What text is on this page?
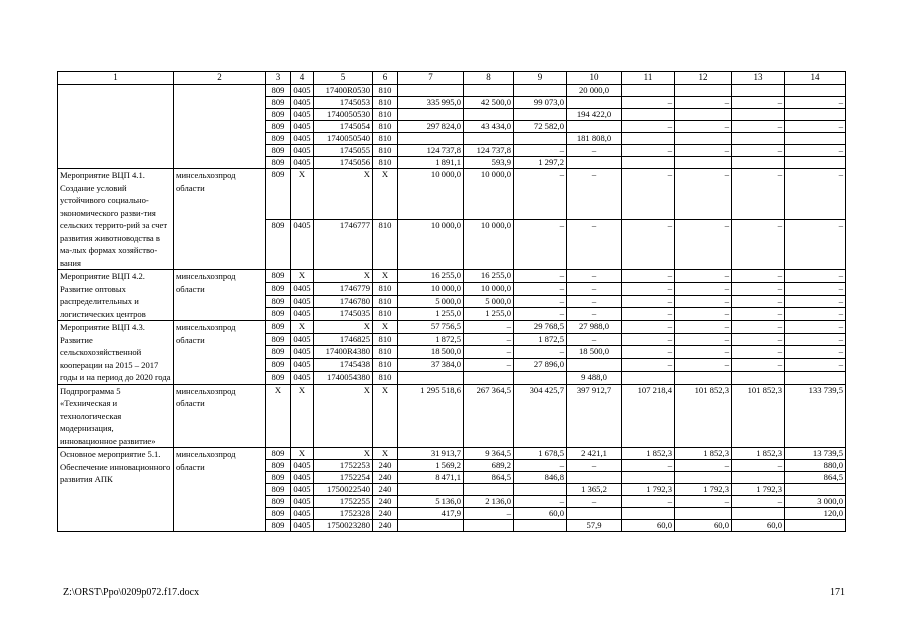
1	2	3	4	5	6	7	8	9	10	11	12	13	14
		809	0405	17400R0530	810				20 000,0				
		809	0405	1745053	810	335 995,0	42 500,0	99 073,0		–	–	–	–
		809	0405	1740050530	810				194 422,0				
		809	0405	1745054	810	297 824,0	43 434,0	72 582,0		–	–	–	–
		809	0405	1740050540	810				181 808,0				
		809	0405	1745055	810	124 737,8	124 737,8	–	–	–	–	–	–
		809	0405	1745056	810	1 891,1	593,9	1 297,2					
Мероприятие ВЦП 4.1. Создание условий устойчивого социально-экономического разви-тия сельских террито-рий за счет развития животноводства в ма-лых формах хозяйство-вания	минсельхозпрод области	809	X	X	X	10 000,0	10 000,0	–	–	–	–	–	–
		809	0405	1746777	810	10 000,0	10 000,0	–	–	–	–	–	–
Мероприятие ВЦП 4.2. Развитие оптовых распределительных и логистических центров	минсельхозпрод области	809	X	X	X	16 255,0	16 255,0	–	–	–	–	–	–
		809	0405	1746779	810	10 000,0	10 000,0	–	–	–	–	–	–
		809	0405	1746780	810	5 000,0	5 000,0	–	–	–	–	–	–
		809	0405	1745035	810	1 255,0	1 255,0	–	–	–	–	–	–
Мероприятие ВЦП 4.3. Развитие сельскохозяйственной кооперации на 2015 – 2017 годы и на период до 2020 года	минсельхозпрод области	809	X	X	X	57 756,5	–	29 768,5	27 988,0	–	–	–	–
		809	0405	1746825	810	1 872,5	–	1 872,5	–	–	–	–	–
		809	0405	17400R4380	810	18 500,0	–	–	18 500,0	–	–	–	–
		809	0405	1745438	810	37 384,0	–	27 896,0		–	–	–	–
		809	0405	1740054380	810				9 488,0				
Подпрограмма 5 «Техническая и технологическая модернизация, инновационное развитие»	минсельхозпрод области	X	X	X	X	1 295 518,6	267 364,5	304 425,7	397 912,7	107 218,4	101 852,3	101 852,3	133 739,5
Основное мероприятие 5.1. Обеспечение инновационного развития АПК	минсельхозпрод области	809	X	X	X	31 913,7	9 364,5	1 678,5	2 421,1	1 852,3	1 852,3	1 852,3	13 739,5
		809	0405	1752253	240	1 569,2	689,2	–	–	–	–	–	880,0
		809	0405	1752254	240	8 471,1	864,5	846,8					864,5
		809	0405	1750022540	240				1 365,2	1 792,3	1 792,3	1 792,3	
		809	0405	1752255	240	5 136,0	2 136,0	–	–	–	–	–	3 000,0
		809	0405	1752328	240	417,9	–	60,0					120,0
		809	0405	1750023280	240				57,9	60,0	60,0	60,0	
Z:\ORST\Ppo\0209p072.f17.docx	171
